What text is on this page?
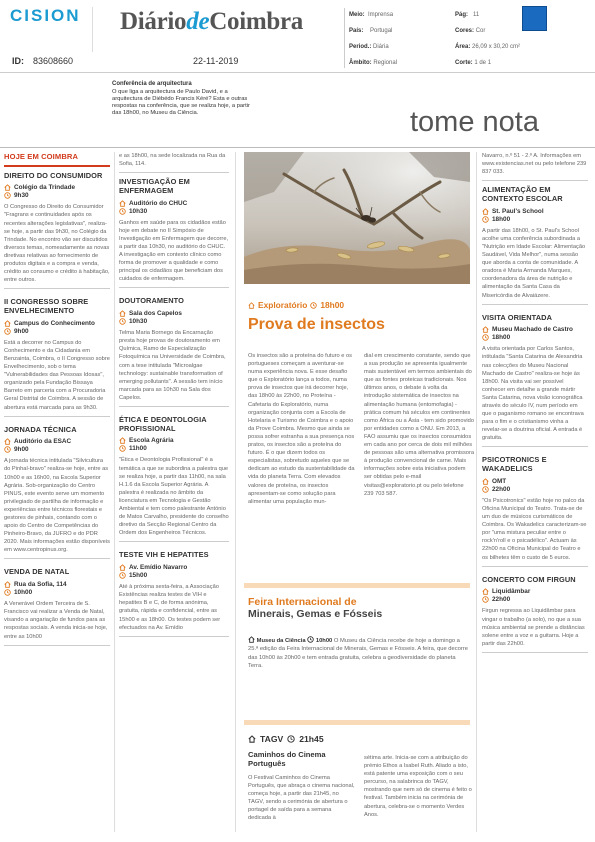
CISION DiáriodeCoimbra
ID: 83608660	22-11-2019
Meio: Imprensa
País: Portugal
Period.: Diária
Âmbito: Regional
Pág: 11
Cores: Cor
Área: 26,09 x 30,20 cm²
Corte: 1 de 1
Conferência de arquitectura
O que liga a arquitectura de Paulo David, e a arquitectura de Diébédo Francis Kéré? Esta e outras respostas na conferência, que se realiza hoje, a partir das 18h00, no Museu da Ciência.	tome nota
HOJE EM COIMBRA
DIREITO DO CONSUMIDOR
Colégio da Trindade
9h30
O Congresso do Direito do Consumidor "Fragrans e continuidades após os recentes alterações legislativas", realiza-se hoje, a partir das 9h30, no Colégio da Trindade. No encontro vão ser discutidos diversos temas, nomeadamente as novas diretivas relativas ao fornecimento de produtos digitais e a compra e venda, crédito ao consumo e crédito à habitação, entre outros.
II CONGRESSO SOBRE ENVELHECIMENTO
Campus do Conhecimento
9h00
Está a decorrer no Campus do Conhecimento e da Cidadania em Benzainta, Coimbra, o II Congresso sobre Envelhecimento, sob o tema "Vulnerabilidades das Pessoas Idosas", organizado pela Fundação Bissaya Barreto em parceria com a Procuradoria Geral Distrital de Coimbra. A sessão de abertura está marcada para as 9h30.
JORNADA TÉCNICA
Auditório da ESAC
9h00
A jornada técnica intitulada "Silvicultura do Pinhal-bravo" realiza-se hoje, entre as 10h00 e as 16h00, na Escola Superior Agrária. Sob-organização do Centro PINUS, este evento serve um momento privilegiado de partilha de informação e experiências entre técnicos florestais e gestores de pinhais, contando com o apoio do Centro de Competências do Pinheiro-Bravo, da JUFRO e do PDR 2020. Mais informações estão disponíveis em www.centropinus.org.
VENDA DE NATAL
Rua da Sofia, 114
10h00
A Venerável Ordem Terceira de S. Francisco vai realizar a Venda de Natal, visando a angariação de fundos para as respostas sociais. A venda inicia-se hoje, entre as 10h00
e as 18h00, na sede localizada na Rua da Sofia, 114.
INVESTIGAÇÃO EM ENFERMAGEM
Auditório do CHUC
10h30
Ganhos em saúde para os cidadãos estão hoje em debate no II Simpósio de Investigação em Enfermagem que decorre, a partir das 10h30, no auditório do CHUC. A investigação em contexto clínico como forma de promover a qualidade e como principal os cidadãos que beneficiam dos cuidados de enfermagem.
DOUTORAMENTO
Sala dos Capelos
10h30
Telma Maria Bornego da Encarnação presta hoje provas de doutoramento em Química, Ramo de Especialização Fotoquímica na Universidade de Coimbra, com a tese intitulada "Microalgae technology: sustainable transformation of emerging pollutants". A sessão tem início marcada para as 10h30 na Sala dos Capelos.
ÉTICA E DEONTOLOGIA PROFISSIONAL
Escola Agrária
11h00
"Ética e Deontologia Profissional" é a temática a que se subordina a palestra que se realiza hoje, a partir das 11h00, na sala H.1.6 da Escola Superior Agrária. A palestra é realizada no âmbito da licenciatura em Tecnologia e Gestão Ambiental e tem como palestrante António de Matos Carvalho, presidente do conselho diretivo da Secção Regional Centro da Ordem dos Engenheiros Técnicos.
TESTE VIH E HEPATITES
Av. Emídio Navarro
15h00
Até à próxima sexta-feira, a Associação Existências realiza testes de VIH e hepatites B e C, de forma anónima, gratuita, rápida e confidencial, entre as 15h00 e as 18h00. Os testes podem ser efectuados na Av. Emídio
Exploratório 18h00
Prova de insectos
Os insectos são a proteína do futuro e os portugueses começam a aventurar-se numa experiência nova. E esse desafio que o Exploratório lança a todos, numa prova de insectos que irá decorrer hoje, das 18h00 às 22h00, no Proteína - Cafetaria do Exploratório, numa organização conjunta com a Escola de Hotelaria e Turismo de Coimbra e o apoio da Prove Coimbra. Mesmo que ainda se possa sofrer estranha a sua presença nos pratos, os insectos são a proteína do futuro. É o que dizem todos os especialistas, sobretudo aqueles que se dedicam ao estudo da sustentabilidade da vida do planeta Terra. Com elevados valores de proteína, os insectos apresentam-se como solução para alimentar uma população mun-
dial em crescimento constante, sendo que a sua produção se apresenta igualmente mais sustentável em termos ambientais do que as fontes proteicas tradicionais. Nos últimos anos, o debate à volta da introdução sistemática de insectos na alimentação humana (entomofagia) - prática comum há séculos em continentes como África ou a Ásia - tem sido promovido por entidades como a ONU. Em 2013, a FAO assumiu que os insectos consumidos em cada ano por cerca de dois mil milhões de pessoas são uma alternativa promissora à produção convencional de carne. Mais informações sobre esta iniciativa podem ser obtidas pelo e-mail visitas@exploratorio.pt ou pelo telefone 239 703 587.
Feira Internacional de
Minerais, Gemas e Fósseis
Museu da Ciência 10h00 O Museu da Ciência recebe de hoje a domingo a 25.ª edição da Feira Internacional de Minerais, Gemas e Fósseis. A feira, que decorre das 10h00 às 20h00 e tem entrada gratuita, celebra a geodiversidade do planeta Terra.
TAGV 21h45
Caminhos do Cinema Português
O Festival Caminhos do Cinema Português, que abraça o cinema nacional, começa hoje, a partir das 21h45, no TAGV, sendo a cerimónia de abertura o portagel de saída para a semana dedicada à
sétima arte. Inicia-se com a atribuição do prémio Ethos a Isabel Ruth. Aliado a isto, está patente uma exposição com o seu percurso, na salabrinca do TAGV, mostrando que nem só de cinema é feito o festival. Também inicia na cerimónia de abertura, celebra-se o momento Verdes Anos.
Navarro, n.º 51 - 2.º A. Informações em www.existencias.net ou pelo telefone 239 837 033.
ALIMENTAÇÃO EM CONTEXTO ESCOLAR
St. Paul's School
18h00
A partir das 18h00, o St. Paul's School acolhe uma conferência subordinada a "Nutrição em Idade Escolar: Alimentação Saudável, Vida Melhor", numa sessão que aborda a conta de comunidade. A oradora é Maria Armanda Marques, coordenadora da área de nutrição e alimentação da Santa Casa da Misericórdia de Alvaiázere.
VISITA ORIENTADA
Museu Machado de Castro
18h00
A visita orientada por Carlos Santos, intitulada "Santa Catarina de Alexandria nas colecções do Museu Nacional Machado de Castro" realiza-se hoje às 18h00. Na visita vai ser possível conhecer em detalhe a grande mártir Santa Catarina, nova visão iconográfica através do século IV, num período em que o paganismo romano se encontrava para o fim e o cristianismo vinha a revelar-se a doutrina oficial. A entrada é gratuita.
PSICOTRONICS E WAKADELICS
OMT
22h00
"Os Psicotronics" estão hoje no palco da Oficina Municipal do Teatro. Trata-se de um duo de músicos curismáticos de Coimbra. Os Wakadelics caracterizam-se por "uma mistura peculiar entre o rock'n'roll e o psicadélico". Actuam às 22h00 na Oficina Municipal do Teatro e os bilhetes têm o custo de 5 euros.
CONCERTO COM FIRGUN
Liquidâmbar
22h00
Firgun regressa ao Liquidâmbar para vingar o trabalho (a solo), no que a sua música ambiental se prende a distâncias solene entre a voz e a guitarra. Hoje a partir das 22h00.
